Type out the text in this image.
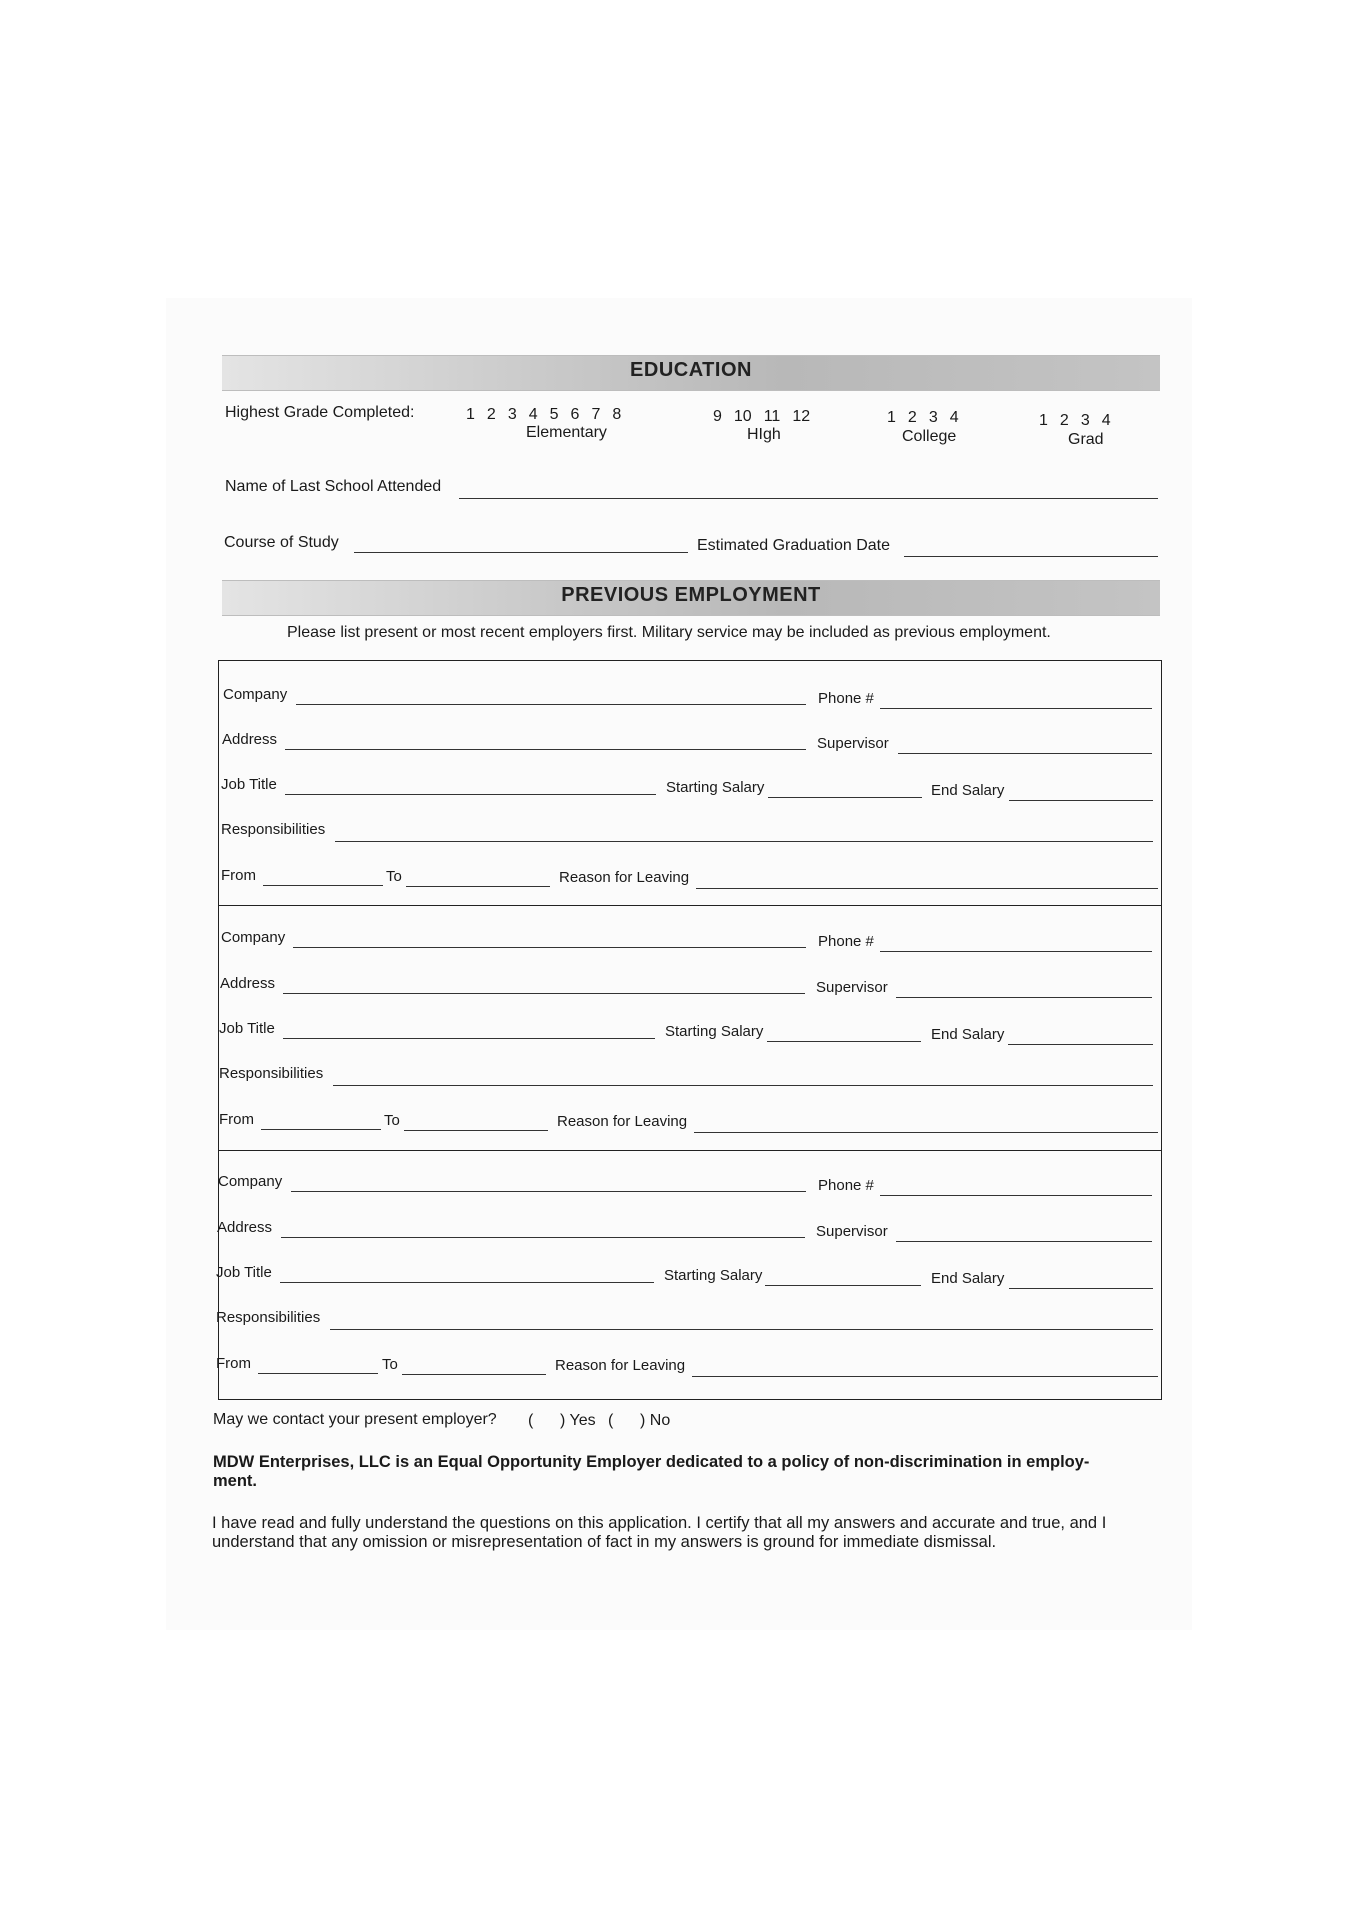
EDUCATION
Highest Grade Completed:	1 2 3 4 5 6 7 8
Elementary
9 10 11 12
HIgh
1 2 3 4
College
1 2 3 4
Grad
Name of Last School Attended
Course of Study	Estimated Graduation Date
PREVIOUS EMPLOYMENT
Please list present or most recent employers first. Military service may be included as previous employment.
Company	Phone #
Address	Supervisor
Job Title	Starting Salary	End Salary
Responsibilities
From	To	Reason for Leaving
Company	Phone #
Address	Supervisor
Job Title	Starting Salary	End Salary
Responsibilities
From	To	Reason for Leaving
Company	Phone #
Address	Supervisor
Job Title	Starting Salary	End Salary
Responsibilities
From	To	Reason for Leaving
May we contact your present employer? (      ) Yes (      ) No
MDW Enterprises, LLC is an Equal Opportunity Employer dedicated to a policy of non-discrimination in employ-ment.
I have read and fully understand the questions on this application. I certify that all my answers and accurate and true, and I understand that any omission or misrepresentation of fact in my answers is ground for immediate dismissal.
